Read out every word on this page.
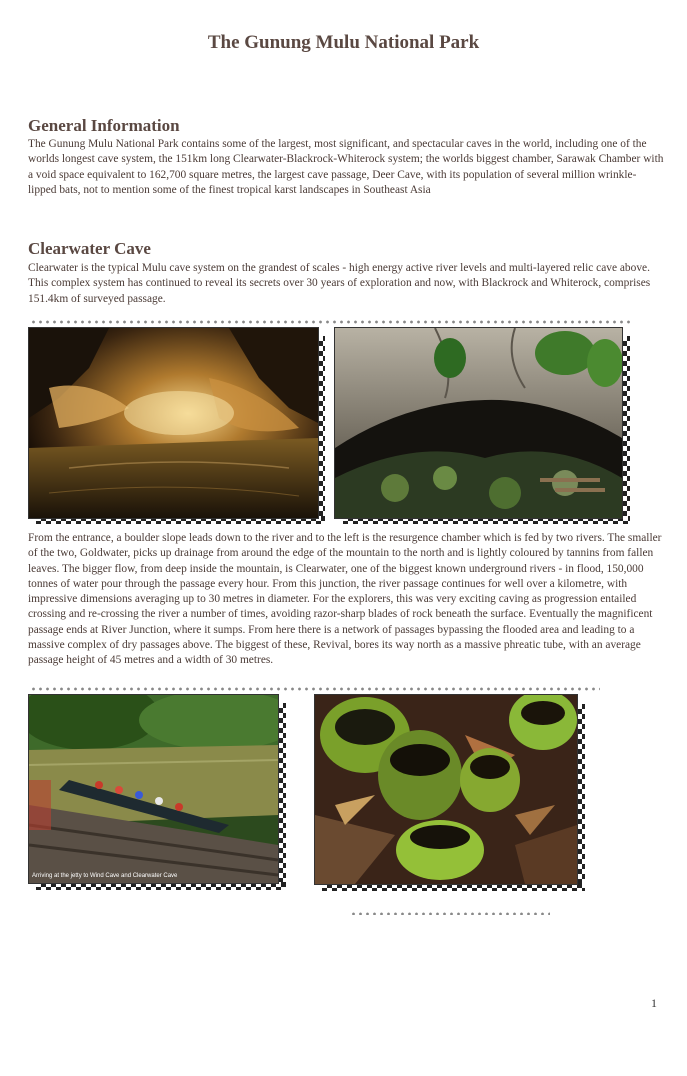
The Gunung Mulu National Park
General Information

The Gunung Mulu National Park contains some of the largest, most significant, and spectacular caves in the world, including one of the worlds longest cave system, the 151km long Clearwater-Blackrock-Whiterock system; the worlds biggest chamber, Sarawak Chamber with a void space equivalent to 162,700 square metres, the largest cave passage, Deer Cave, with its population of several million wrinkle-lipped bats, not to mention some of the finest tropical karst landscapes in Southeast Asia

Clearwater Cave

Clearwater is the typical Mulu cave system on the grandest of scales - high energy active river levels and multi-layered relic cave above. This complex system has continued to reveal its secrets over 30 years of exploration and now, with Blackrock and Whiterock, comprises 151.4km of surveyed passage.

From the entrance, a boulder slope leads down to the river and to the left is the resurgence chamber which is fed by two rivers. The smaller of the two, Goldwater, picks up drainage from around the edge of the mountain to the north and is lightly coloured by tannins from fallen leaves. The bigger flow, from deep inside the mountain, is Clearwater, one of the biggest known underground rivers - in flood, 150,000 tonnes of water pour through the passage every hour. From this junction, the river passage continues for well over a kilometre, with impressive dimensions averaging up to 30 metres in diameter. For the explorers, this was very exciting caving as progression entailed crossing and re-crossing the river a number of times, avoiding razor-sharp blades of rock beneath the surface. Eventually the magnificent passage ends at River Junction, where it sumps. From here there is a network of passages bypassing the flooded area and leading to a massive complex of dry passages above. The biggest of these, Revival, bores its way north as a massive phreatic tube, with an average passage height of 45 metres and a width of 30 metres.

Arriving at the jetty to Wind Cave and Clearwater Cave
1
